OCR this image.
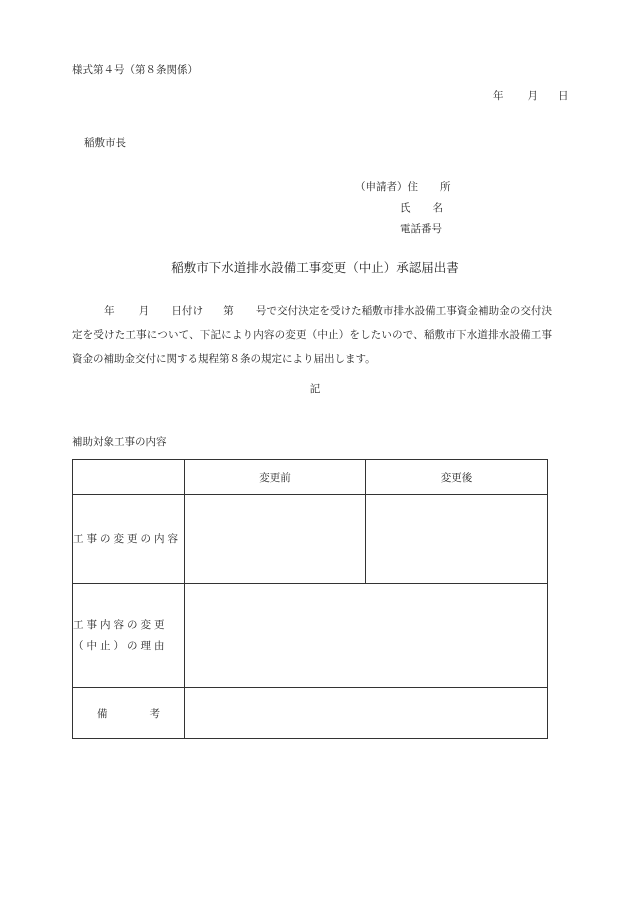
様式第４号（第８条関係）
年 月 日
稲敷市長
（申請者）住 所
氏 名
電話番号
稲敷市下水道排水設備工事変更（中止）承認届出書
年 月 日付け 第 号で交付決定を受けた稲敷市排水設備工事資金補助金の交付決定を受けた工事について、下記により内容の変更（中止）をしたいので、稲敷市下水道排水設備工事資金の補助金交付に関する規程第８条の規定により届出します。
記
補助対象工事の内容
	変更前	変更後
工事の変更の内容		
工事内容の変更（中止）の理由		
備 考		
